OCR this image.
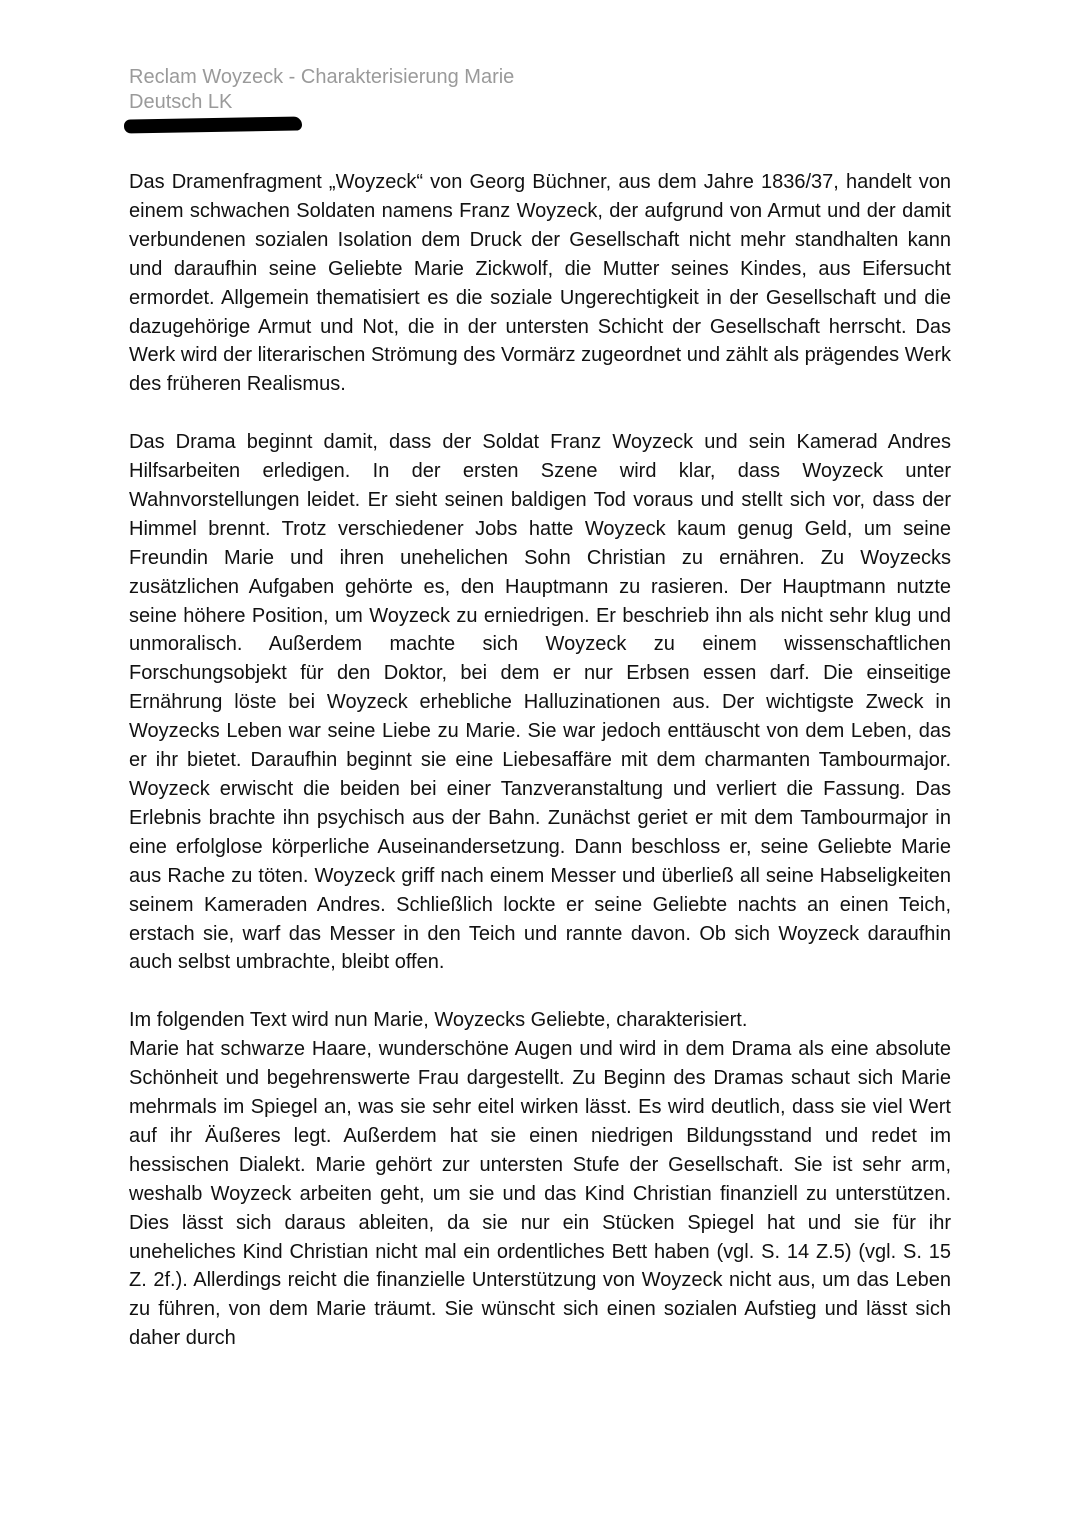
Reclam Woyzeck - Charakterisierung Marie
Deutsch LK

Das Dramenfragment „Woyzeck“ von Georg Büchner, aus dem Jahre 1836/37, handelt von einem schwachen Soldaten namens Franz Woyzeck, der aufgrund von Armut und der damit verbundenen sozialen Isolation dem Druck der Gesellschaft nicht mehr standhalten kann und daraufhin seine Geliebte Marie Zickwolf, die Mutter seines Kindes, aus Eifersucht ermordet. Allgemein thematisiert es die soziale Ungerechtigkeit in der Gesellschaft und die dazugehörige Armut und Not, die in der untersten Schicht der Gesellschaft herrscht. Das Werk wird der literarischen Strömung des Vormärz zugeordnet und zählt als prägendes Werk des früheren Realismus.

Das Drama beginnt damit, dass der Soldat Franz Woyzeck und sein Kamerad Andres Hilfsarbeiten erledigen. In der ersten Szene wird klar, dass Woyzeck unter Wahnvorstellungen leidet. Er sieht seinen baldigen Tod voraus und stellt sich vor, dass der Himmel brennt. Trotz verschiedener Jobs hatte Woyzeck kaum genug Geld, um seine Freundin Marie und ihren unehelichen Sohn Christian zu ernähren. Zu Woyzecks zusätzlichen Aufgaben gehörte es, den Hauptmann zu rasieren. Der Hauptmann nutzte seine höhere Position, um Woyzeck zu erniedrigen. Er beschrieb ihn als nicht sehr klug und unmoralisch. Außerdem machte sich Woyzeck zu einem wissenschaftlichen Forschungsobjekt für den Doktor, bei dem er nur Erbsen essen darf. Die einseitige Ernährung löste bei Woyzeck erhebliche Halluzinationen aus. Der wichtigste Zweck in Woyzecks Leben war seine Liebe zu Marie. Sie war jedoch enttäuscht von dem Leben, das er ihr bietet. Daraufhin beginnt sie eine Liebesaffäre mit dem charmanten Tambourmajor. Woyzeck erwischt die beiden bei einer Tanzveranstaltung und verliert die Fassung. Das Erlebnis brachte ihn psychisch aus der Bahn. Zunächst geriet er mit dem Tambourmajor in eine erfolglose körperliche Auseinandersetzung. Dann beschloss er, seine Geliebte Marie aus Rache zu töten. Woyzeck griff nach einem Messer und überließ all seine Habseligkeiten seinem Kameraden Andres. Schließlich lockte er seine Geliebte nachts an einen Teich, erstach sie, warf das Messer in den Teich und rannte davon. Ob sich Woyzeck daraufhin auch selbst umbrachte, bleibt offen.

Im folgenden Text wird nun Marie, Woyzecks Geliebte, charakterisiert.

Marie hat schwarze Haare, wunderschöne Augen und wird in dem Drama als eine absolute Schönheit und begehrenswerte Frau dargestellt. Zu Beginn des Dramas schaut sich Marie mehrmals im Spiegel an, was sie sehr eitel wirken lässt. Es wird deutlich, dass sie viel Wert auf ihr Äußeres legt. Außerdem hat sie einen niedrigen Bildungsstand und redet im hessischen Dialekt. Marie gehört zur untersten Stufe der Gesellschaft. Sie ist sehr arm, weshalb Woyzeck arbeiten geht, um sie und das Kind Christian finanziell zu unterstützen. Dies lässt sich daraus ableiten, da sie nur ein Stücken Spiegel hat und sie für ihr uneheliches Kind Christian nicht mal ein ordentliches Bett haben (vgl. S. 14 Z.5) (vgl. S. 15 Z. 2f.). Allerdings reicht die finanzielle Unterstützung von Woyzeck nicht aus, um das Leben zu führen, von dem Marie träumt. Sie wünscht sich einen sozialen Aufstieg und lässt sich daher durch
